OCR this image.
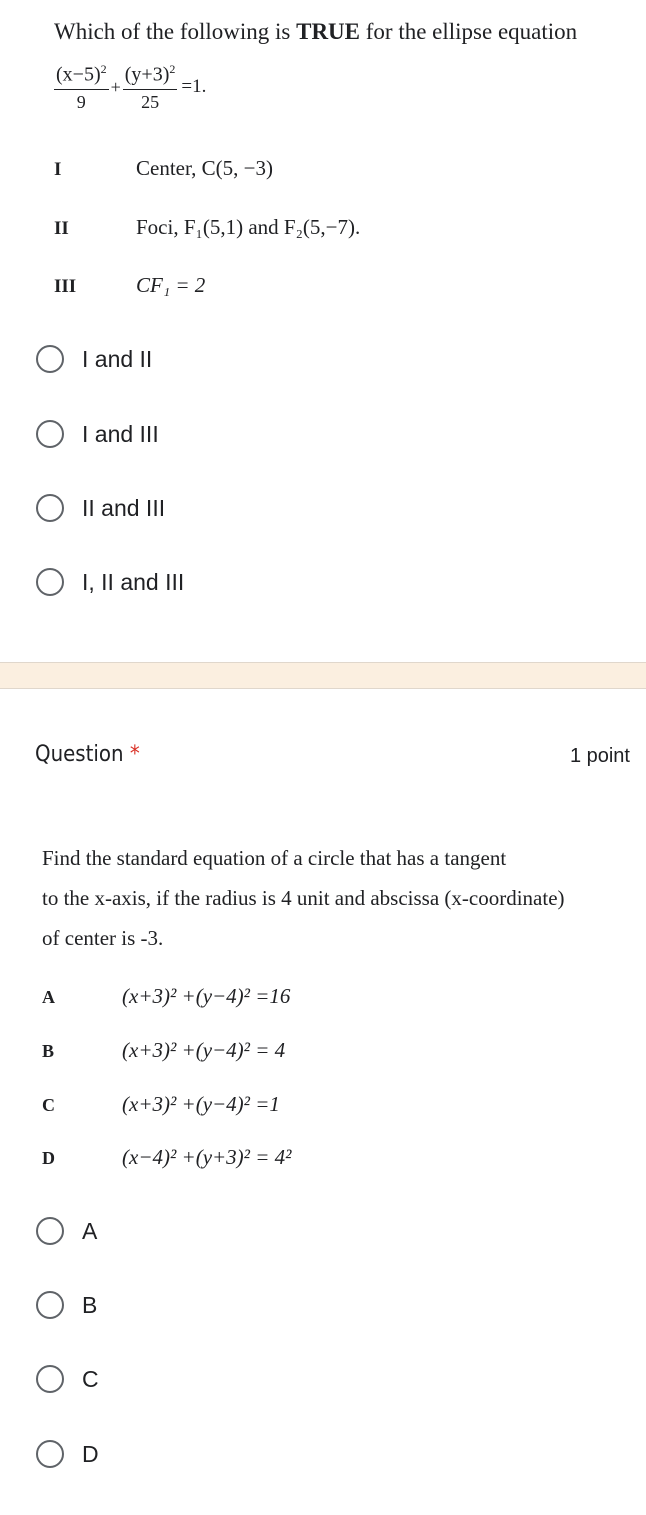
Which of the following is TRUE for the ellipse equation
$\frac{(x-5)^2}{9} + \frac{(y+3)^2}{25} =1$.
I	Center, C(5, −3)
II	Foci, F₁(5,1) and F₂(5,−7).
III	CF₁ = 2
I and II
I and III
II and III
I, II and III
Question *	1 point
Find the standard equation of a circle that has a tangent
to the x-axis, if the radius is 4 unit and abscissa (x-coordinate)
of center is -3.
A	(x+3)² +(y−4)² =16
B	(x+3)² +(y−4)² = 4
C	(x+3)² +(y−4)² =1
D	(x−4)² +(y+3)² = 4²
A
B
C
D
